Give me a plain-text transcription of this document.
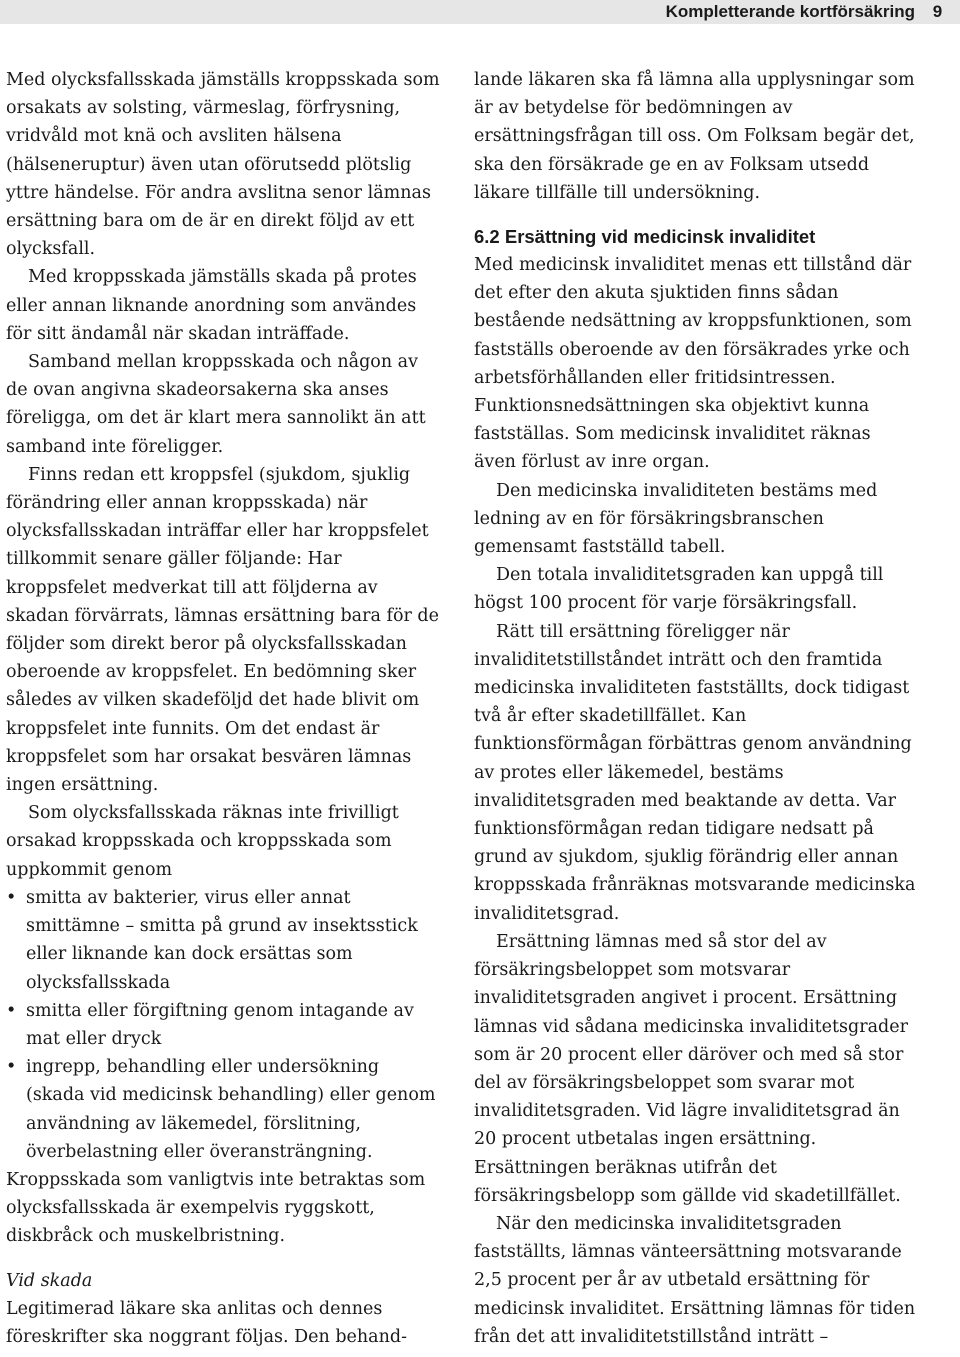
Kompletterande kortförsäkring	9

Med olycksfallsskada jämställs kroppsskada som orsakats av solsting, värmeslag, förfrysning, vridvåld mot knä och avsliten hälsena (hälseneruptur) även utan oförutsedd plötslig yttre händelse. För andra avslitna senor lämnas ersättning bara om de är en direkt följd av ett olycksfall.

Med kroppsskada jämställs skada på protes eller annan liknande anordning som användes för sitt ändamål när skadan inträffade.

Samband mellan kroppsskada och någon av de ovan angivna skadeorsakerna ska anses föreligga, om det är klart mera sannolikt än att samband inte föreligger.

Finns redan ett kroppsfel (sjukdom, sjuklig förändring eller annan kroppsskada) när olycksfallsskadan inträffar eller har kroppsfelet tillkommit senare gäller följande: Har kroppsfelet medverkat till att följderna av skadan förvärrats, lämnas ersättning bara för de följder som direkt beror på olycksfallsskadan oberoende av kroppsfelet. En bedömning sker således av vilken skadeföljd det hade blivit om kroppsfelet inte funnits. Om det endast är kroppsfelet som har orsakat besvären lämnas ingen ersättning.

Som olycksfallsskada räknas inte frivilligt orsakad kroppsskada och kroppsskada som uppkommit genom

• smitta av bakterier, virus eller annat smittämne – smitta på grund av insektsstick eller liknande kan dock ersättas som olycksfallsskada
• smitta eller förgiftning genom intagande av mat eller dryck
• ingrepp, behandling eller undersökning (skada vid medicinsk behandling) eller genom användning av läkemedel, förslitning, överbelastning eller överansträngning.

Kroppsskada som vanligtvis inte betraktas som olycksfallsskada är exempelvis ryggskott, diskbråck och muskelbristning.

Vid skada

Legitimerad läkare ska anlitas och dennes föreskrifter ska noggrant följas. Den behand-

lande läkaren ska få lämna alla upplysningar som är av betydelse för bedömningen av ersättningsfrågan till oss. Om Folksam begär det, ska den försäkrade ge en av Folksam utsedd läkare tillfälle till undersökning.

6.2 Ersättning vid medicinsk invaliditet

Med medicinsk invaliditet menas ett tillstånd där det efter den akuta sjuktiden finns sådan bestående nedsättning av kroppsfunktionen, som fastställs oberoende av den försäkrades yrke och arbetsförhållanden eller fritidsintressen. Funktionsnedsättningen ska objektivt kunna fastställas. Som medicinsk invaliditet räknas även förlust av inre organ.

Den medicinska invaliditeten bestäms med ledning av en för försäkringsbranschen gemensamt fastställd tabell.

Den totala invaliditetsgraden kan uppgå till högst 100 procent för varje försäkringsfall.

Rätt till ersättning föreligger när invaliditetstillståndet inträtt och den framtida medicinska invaliditeten fastställts, dock tidigast två år efter skadetillfället. Kan funktionsförmågan förbättras genom användning av protes eller läkemedel, bestäms invaliditetsgraden med beaktande av detta. Var funktionsförmågan redan tidigare nedsatt på grund av sjukdom, sjuklig förändrig eller annan kroppsskada frånräknas motsvarande medicinska invaliditetsgrad.

Ersättning lämnas med så stor del av försäkringsbeloppet som motsvarar invaliditetsgraden angivet i procent. Ersättning lämnas vid sådana medicinska invaliditetsgrader som är 20 procent eller däröver och med så stor del av försäkringsbeloppet som svarar mot invaliditetsgraden. Vid lägre invaliditetsgrad än 20 procent utbetalas ingen ersättning. Ersättningen beräknas utifrån det försäkringsbelopp som gällde vid skadetillfället.

När den medicinska invaliditetsgraden fastställts, lämnas vänteersättning motsvarande 2,5 procent per år av utbetald ersättning för medicinsk invaliditet. Ersättning lämnas för tiden från det att invaliditetstillstånd inträtt –
